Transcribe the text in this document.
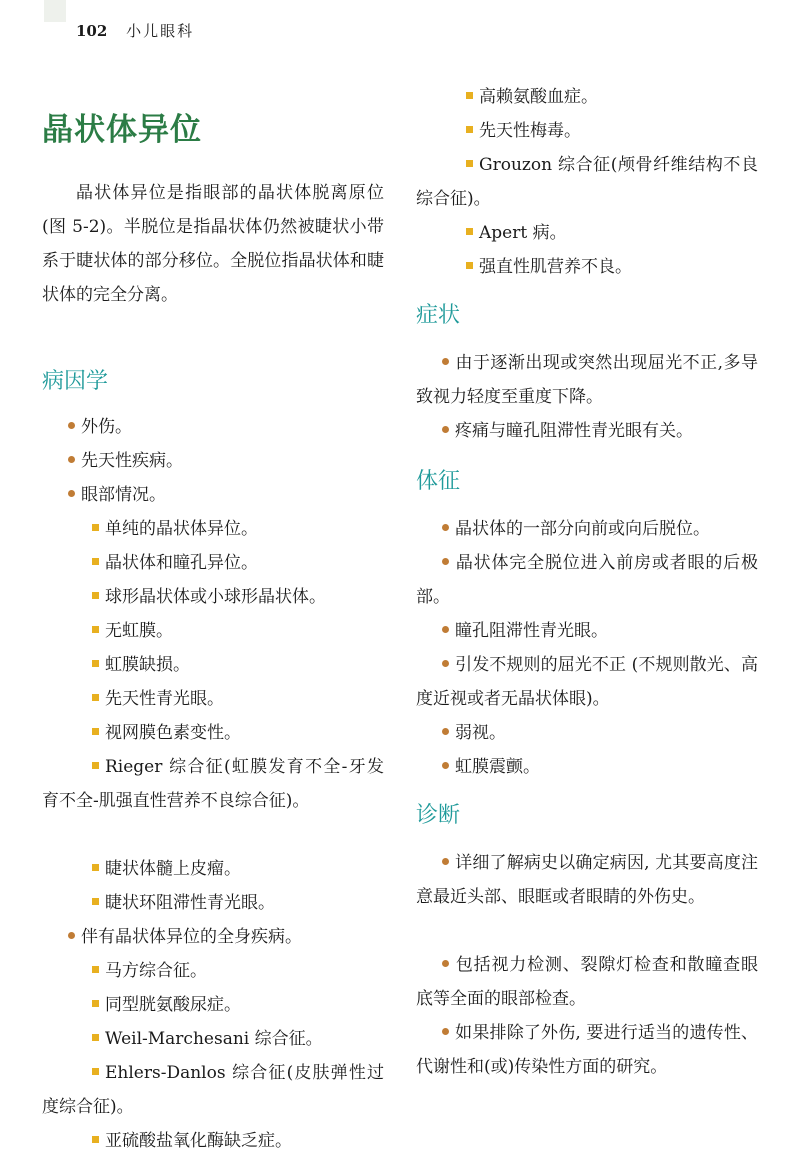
102 小儿眼科
晶状体异位

晶状体异位是指眼部的晶状体脱离原位(图 5-2)。半脱位是指晶状体仍然被睫状小带系于睫状体的部分移位。全脱位指晶状体和睫状体的完全分离。

病因学

外伤。

先天性疾病。

眼部情况。

单纯的晶状体异位。

晶状体和瞳孔异位。

球形晶状体或小球形晶状体。

无虹膜。

虹膜缺损。

先天性青光眼。

视网膜色素变性。

Rieger 综合征(虹膜发育不全-牙发育不全-肌强直性营养不良综合征)。

睫状体髓上皮瘤。

睫状环阻滞性青光眼。

伴有晶状体异位的全身疾病。

马方综合征。

同型胱氨酸尿症。

Weil-Marchesani 综合征。

Ehlers-Danlos 综合征(皮肤弹性过度综合征)。

亚硫酸盐氧化酶缺乏症。

高赖氨酸血症。

先天性梅毒。

Grouzon 综合征(颅骨纤维结构不良综合征)。

Apert 病。

强直性肌营养不良。

症状

由于逐渐出现或突然出现屈光不正,多导致视力轻度至重度下降。

疼痛与瞳孔阻滞性青光眼有关。

体征

晶状体的一部分向前或向后脱位。

晶状体完全脱位进入前房或者眼的后极部。

瞳孔阻滞性青光眼。

引发不规则的屈光不正 (不规则散光、高度近视或者无晶状体眼)。

弱视。

虹膜震颤。

诊断

详细了解病史以确定病因, 尤其要高度注意最近头部、眼眶或者眼睛的外伤史。

包括视力检测、裂隙灯检查和散瞳查眼底等全面的眼部检查。

如果排除了外伤, 要进行适当的遗传性、代谢性和(或)传染性方面的研究。
